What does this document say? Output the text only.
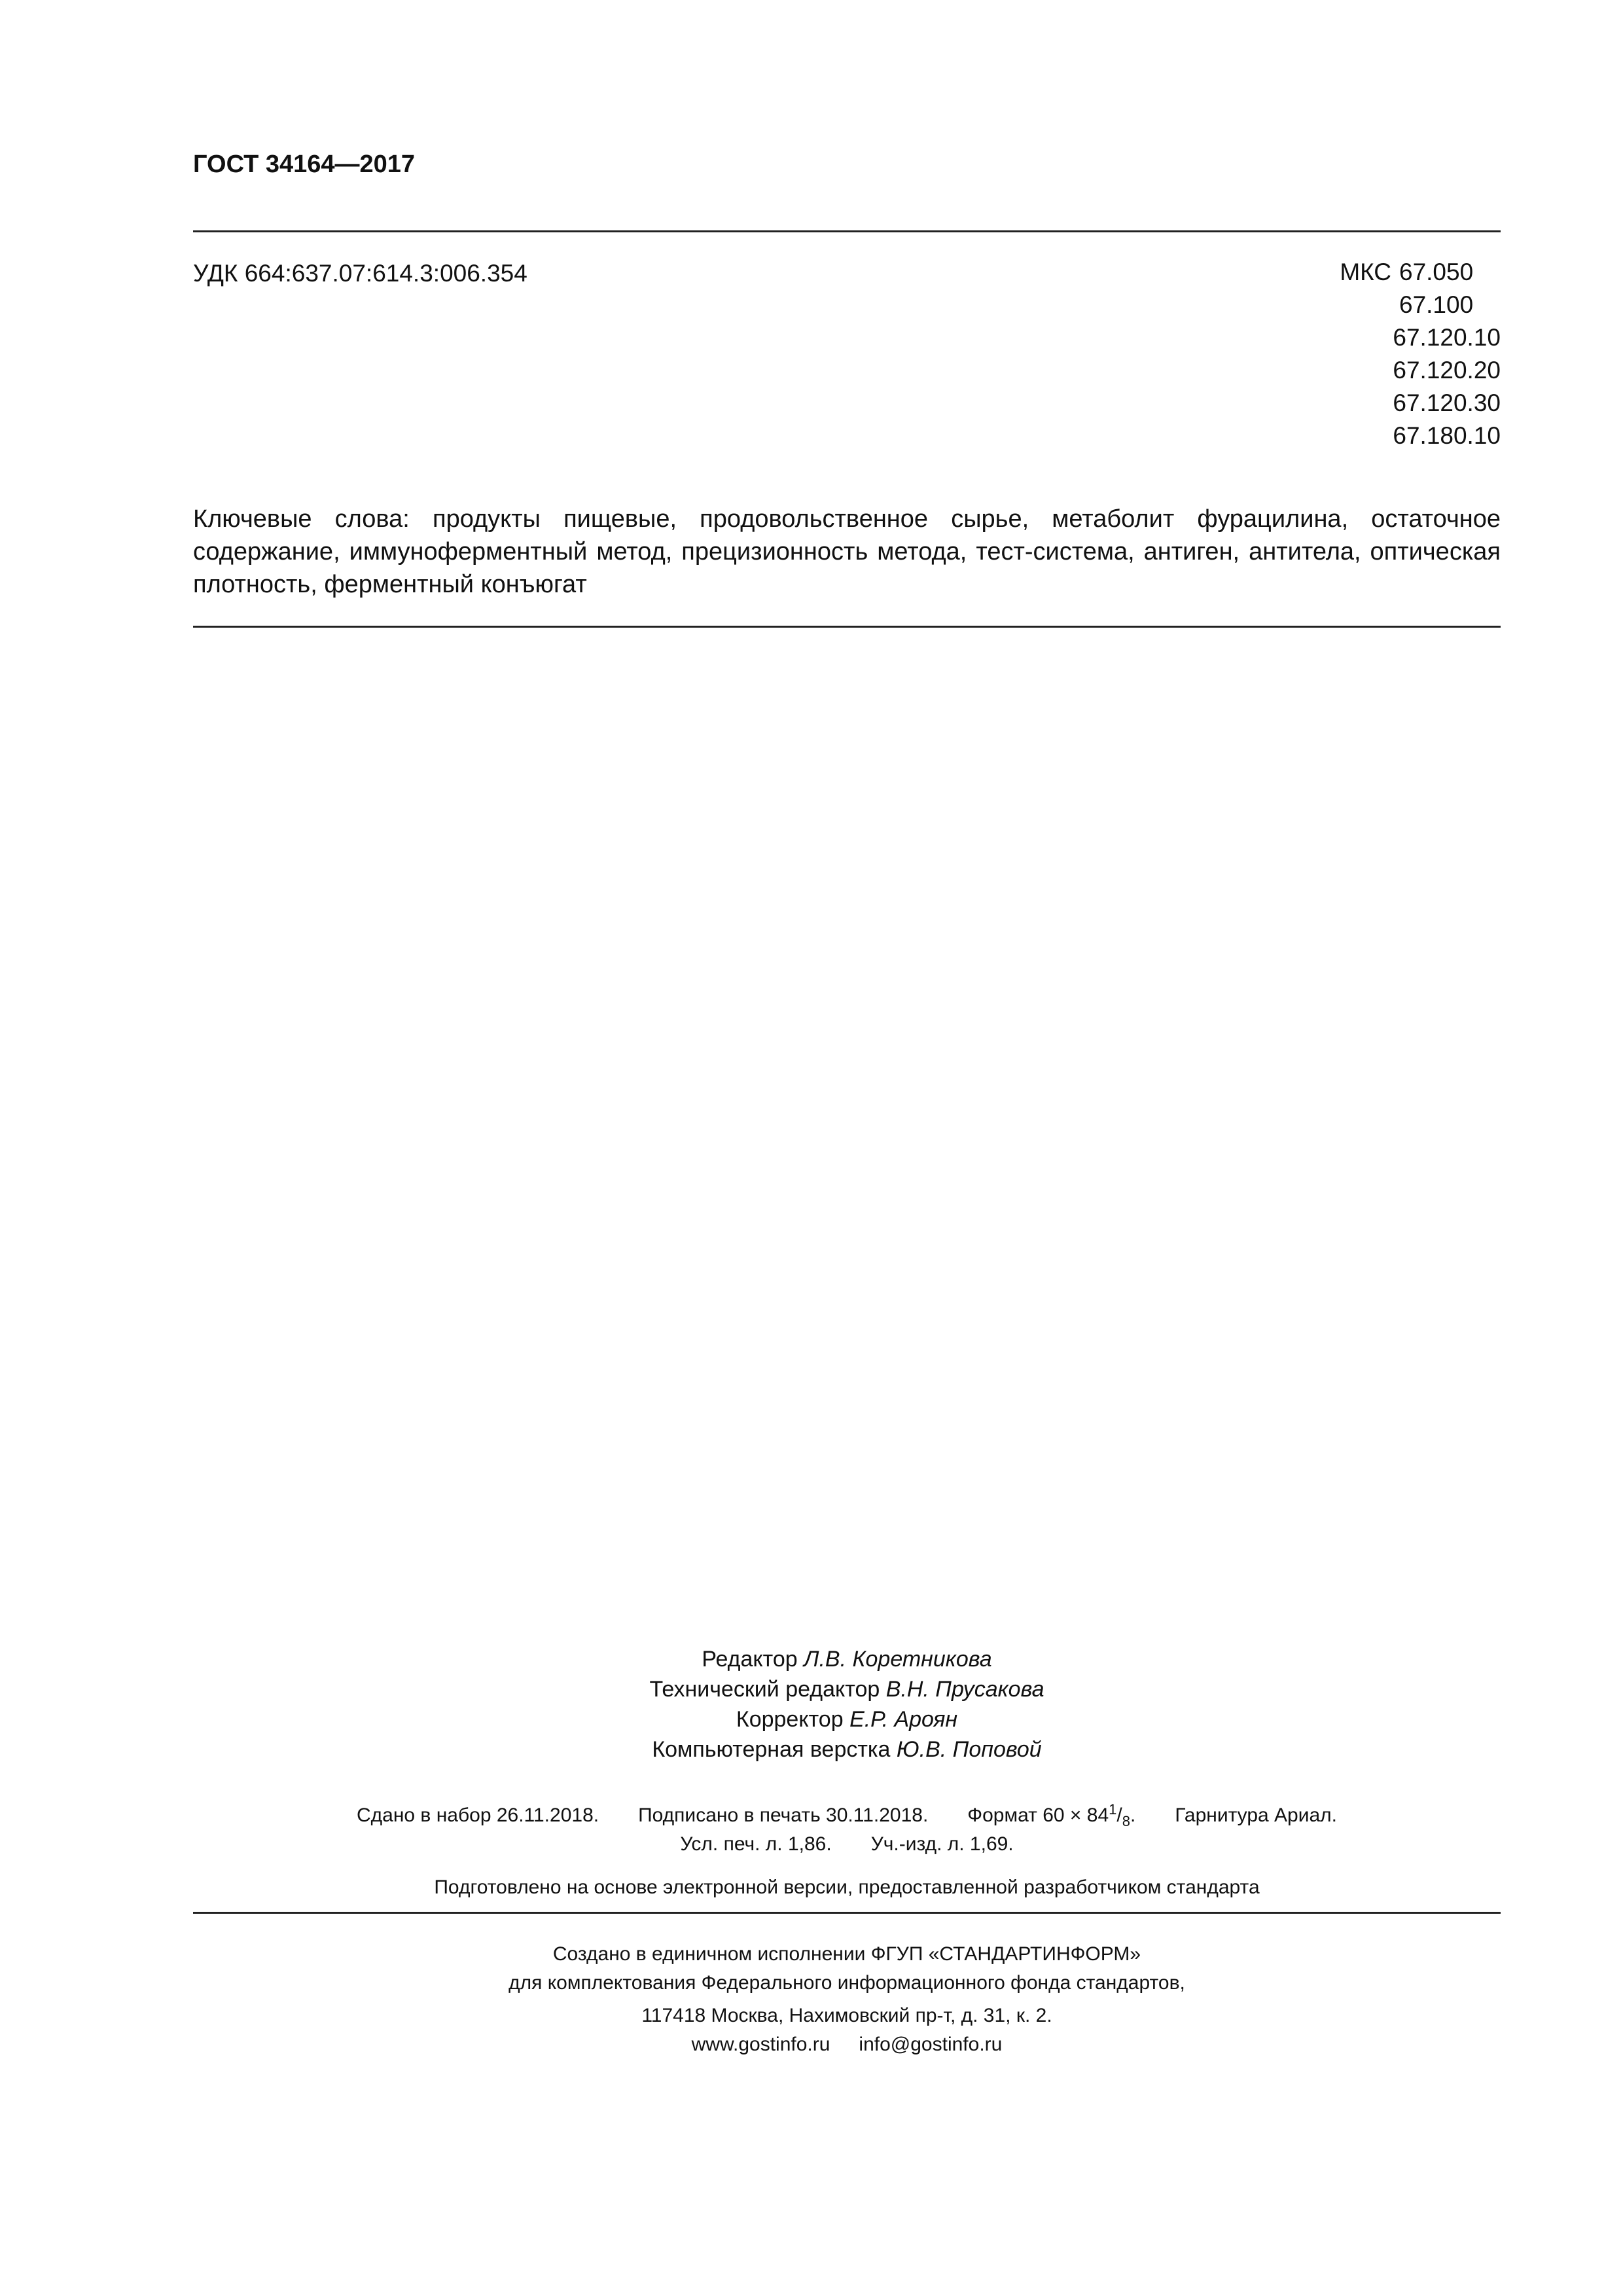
ГОСТ 34164—2017
УДК 664:637.07:614.3:006.354	МКС 67.050
67.100
67.120.10
67.120.20
67.120.30
67.180.10
Ключевые слова: продукты пищевые, продовольственное сырье, метаболит фурацилина, остаточное содержание, иммуноферментный метод, прецизионность метода, тест-система, антиген, антитела, оптическая плотность, ферментный конъюгат
Редактор Л.В. Коретникова
Технический редактор В.Н. Прусакова
Корректор Е.Р. Ароян
Компьютерная верстка Ю.В. Поповой
Сдано в набор 26.11.2018. Подписано в печать 30.11.2018. Формат $60 \times 84^1/_8$. Гарнитура Ариал.
Усл. печ. л. 1,86. Уч.-изд. л. 1,69.
Подготовлено на основе электронной версии, предоставленной разработчиком стандарта
Создано в единичном исполнении ФГУП «СТАНДАРТИНФОРМ»
для комплектования Федерального информационного фонда стандартов,
117418 Москва, Нахимовский пр-т, д. 31, к. 2.
www.gostinfo.ru info@gostinfo.ru
